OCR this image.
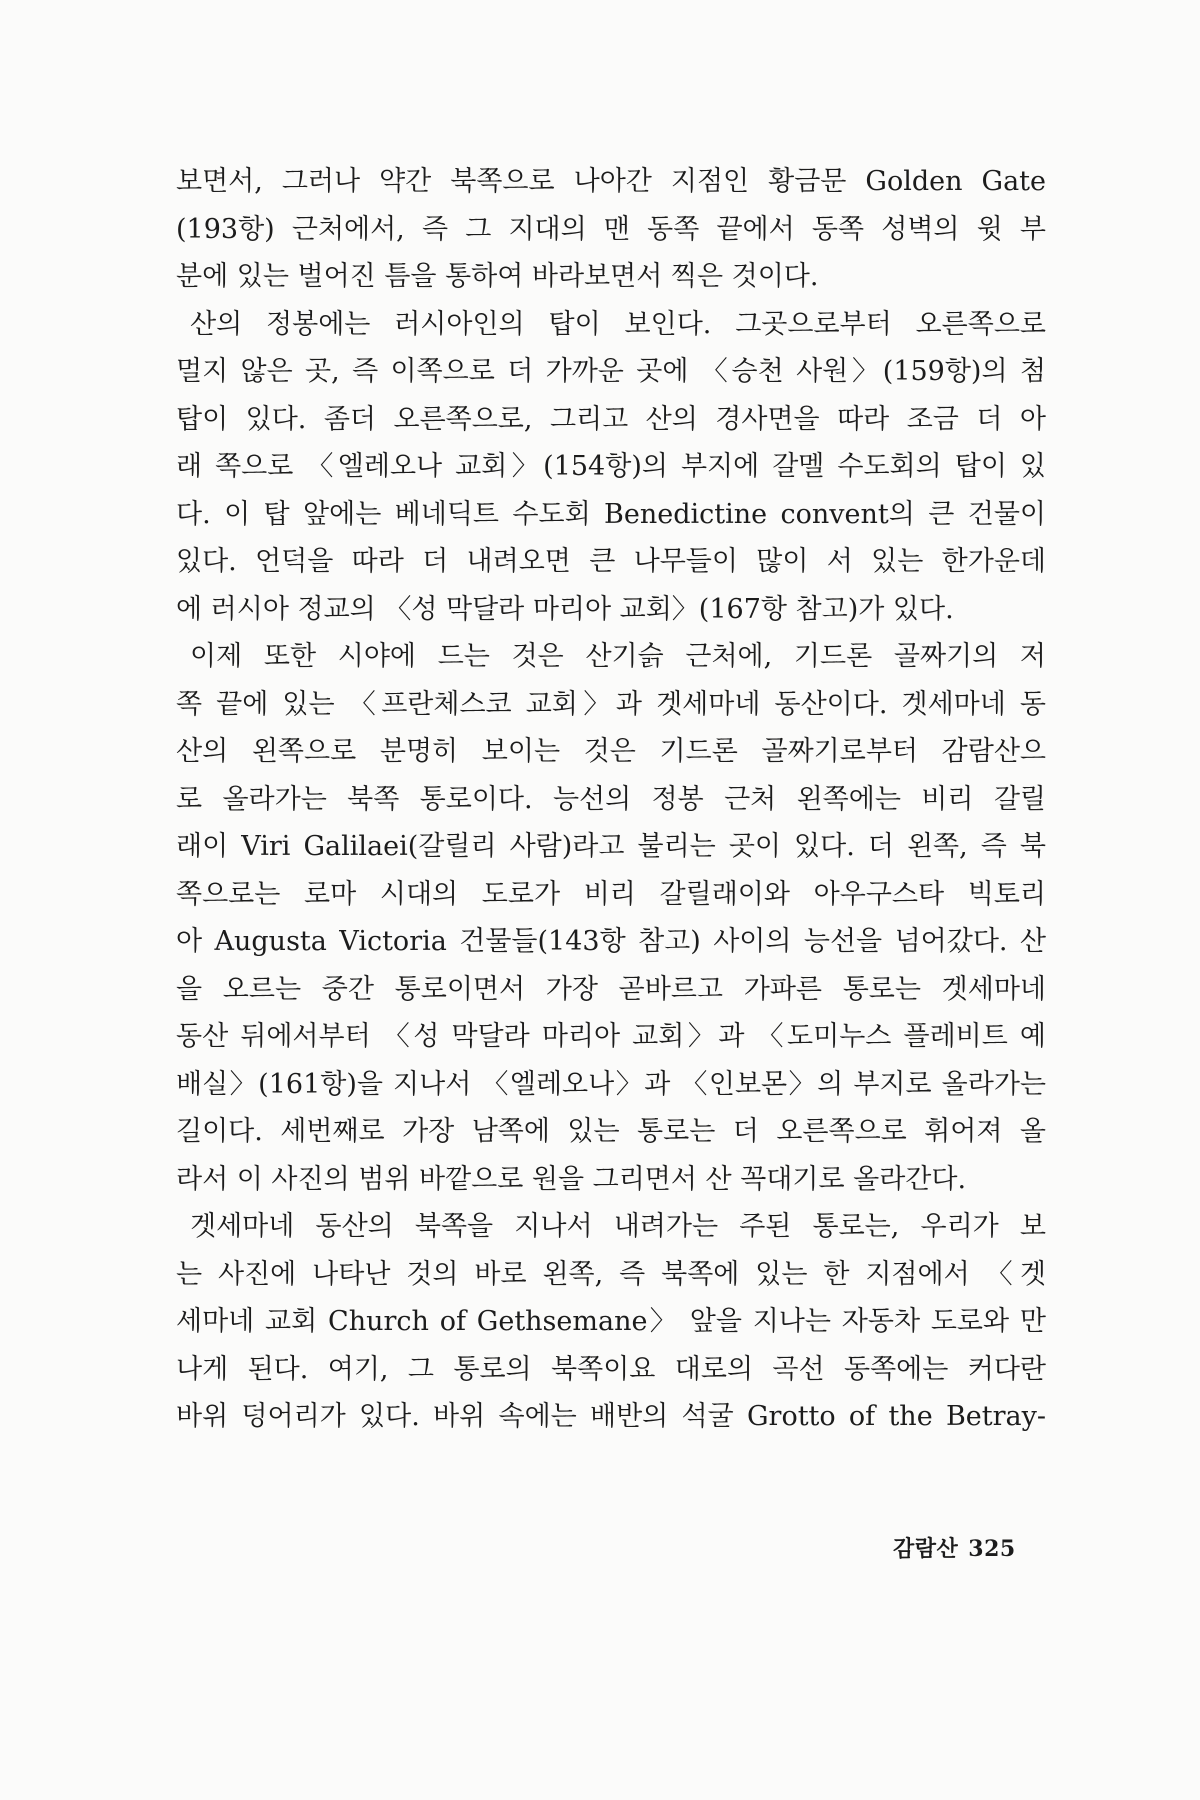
보면서, 그러나 약간 북쪽으로 나아간 지점인 황금문 Golden Gate
(193항) 근처에서, 즉 그 지대의 맨 동쪽 끝에서 동쪽 성벽의 윗 부
분에 있는 벌어진 틈을 통하여 바라보면서 찍은 것이다.
산의 정봉에는 러시아인의 탑이 보인다. 그곳으로부터 오른쪽으로
멀지 않은 곳, 즉 이쪽으로 더 가까운 곳에 〈승천 사원〉(159항)의 첨
탑이 있다. 좀더 오른쪽으로, 그리고 산의 경사면을 따라 조금 더 아
래 쪽으로 〈엘레오나 교회〉(154항)의 부지에 갈멜 수도회의 탑이 있
다. 이 탑 앞에는 베네딕트 수도회 Benedictine convent의 큰 건물이
있다. 언덕을 따라 더 내려오면 큰 나무들이 많이 서 있는 한가운데
에 러시아 정교의 〈성 막달라 마리아 교회〉(167항 참고)가 있다.
이제 또한 시야에 드는 것은 산기슭 근처에, 기드론 골짜기의 저
쪽 끝에 있는 〈프란체스코 교회〉과 겟세마네 동산이다. 겟세마네 동
산의 왼쪽으로 분명히 보이는 것은 기드론 골짜기로부터 감람산으
로 올라가는 북쪽 통로이다. 능선의 정봉 근처 왼쪽에는 비리 갈릴
래이 Viri Galilaei(갈릴리 사람)라고 불리는 곳이 있다. 더 왼쪽, 즉 북
쪽으로는 로마 시대의 도로가 비리 갈릴래이와 아우구스타 빅토리
아 Augusta Victoria 건물들(143항 참고) 사이의 능선을 넘어갔다. 산
을 오르는 중간 통로이면서 가장 곧바르고 가파른 통로는 겟세마네
동산 뒤에서부터 〈성 막달라 마리아 교회〉과 〈도미누스 플레비트 예
배실〉(161항)을 지나서 〈엘레오나〉과 〈인보몬〉의 부지로 올라가는
길이다. 세번째로 가장 남쪽에 있는 통로는 더 오른쪽으로 휘어져 올
라서 이 사진의 범위 바깥으로 원을 그리면서 산 꼭대기로 올라간다.
겟세마네 동산의 북쪽을 지나서 내려가는 주된 통로는, 우리가 보
는 사진에 나타난 것의 바로 왼쪽, 즉 북쪽에 있는 한 지점에서 〈겟
세마네 교회 Church of Gethsemane〉 앞을 지나는 자동차 도로와 만
나게 된다. 여기, 그 통로의 북쪽이요 대로의 곡선 동쪽에는 커다란
바위 덩어리가 있다. 바위 속에는 배반의 석굴 Grotto of the Betray-
감람산 325
